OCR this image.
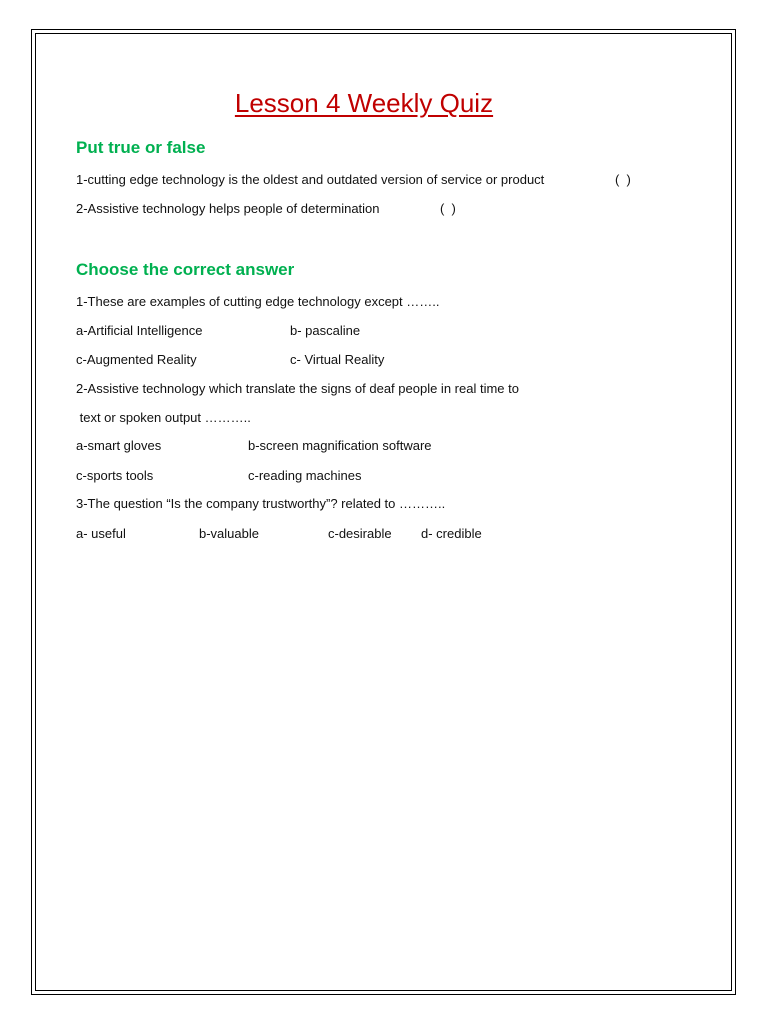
Lesson 4 Weekly Quiz
Put true or false
1-cutting edge technology is the oldest and outdated version of service or product	(  )
2-Assistive technology helps people of determination	(  )
Choose the correct answer
1-These are examples of cutting edge technology except ……..
a-Artificial Intelligence	b- pascaline
c-Augmented Reality	c- Virtual Reality
2-Assistive technology which translate the signs of deaf people in real time to
text or spoken output ………..
a-smart gloves	b-screen magnification software
c-sports tools	c-reading machines
3-The question “Is the company trustworthy”? related to ………..
a- useful	b-valuable	c-desirable d- credible
